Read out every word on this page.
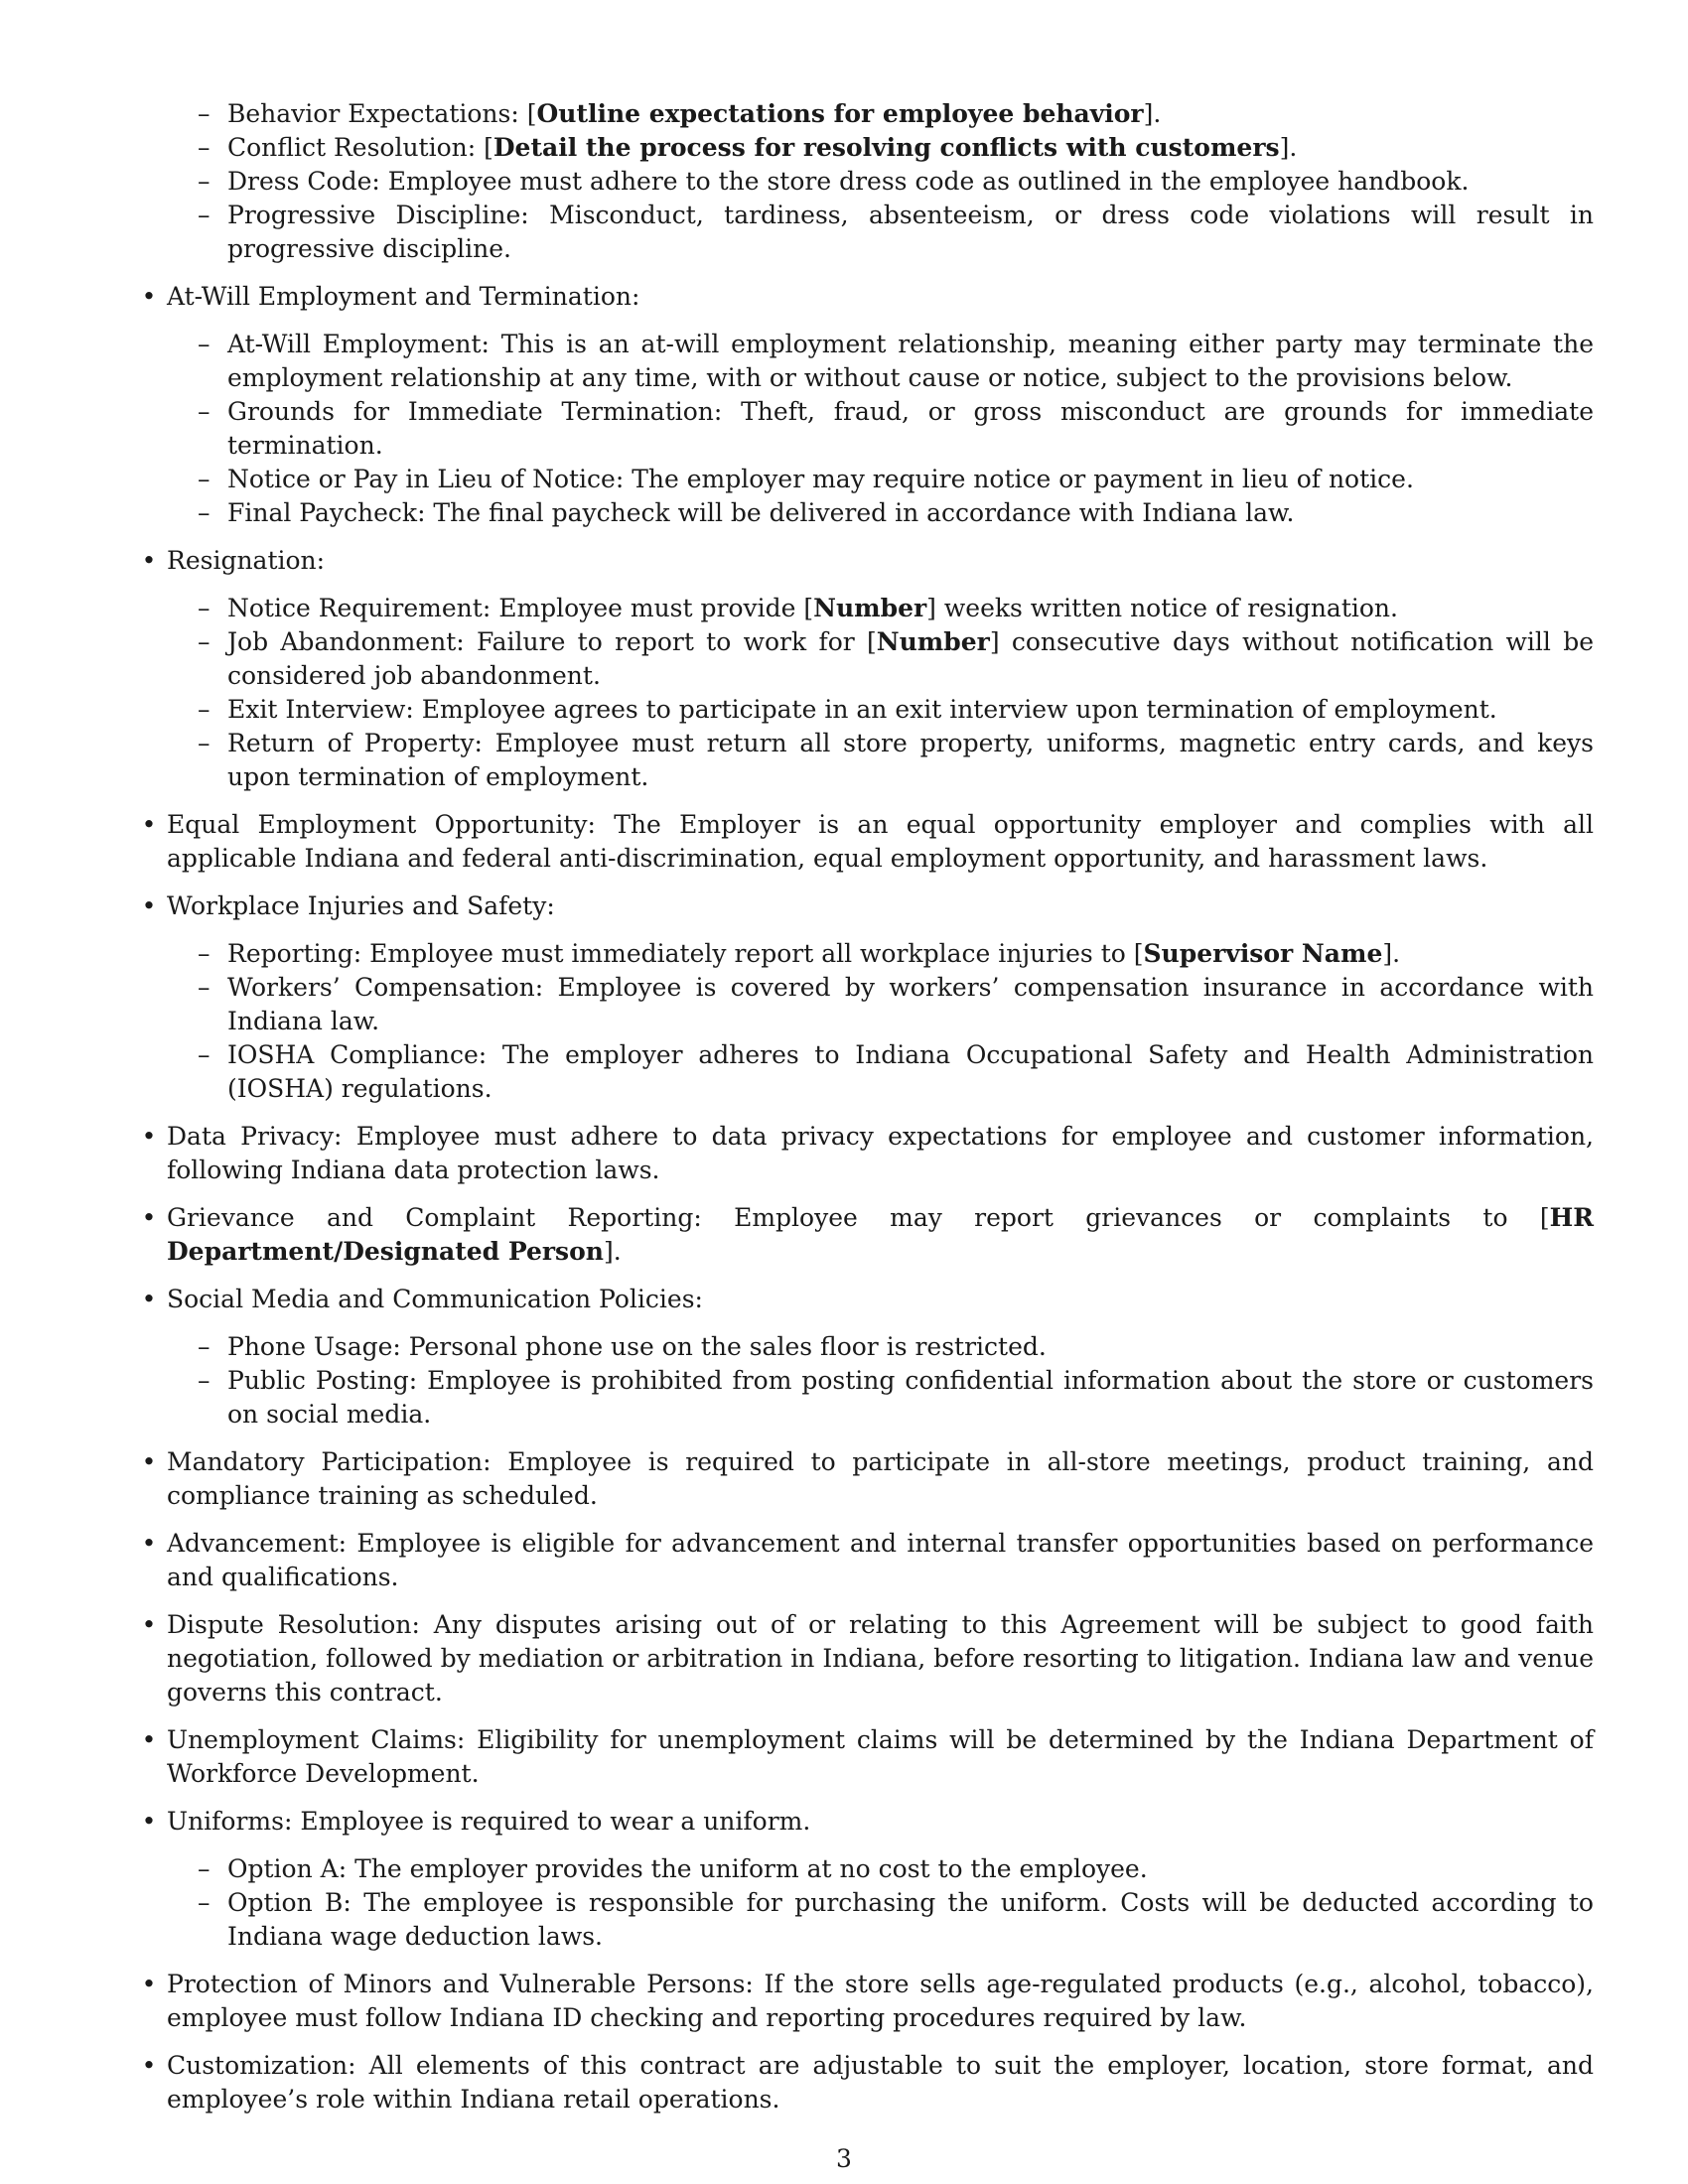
–
Behavior Expectations: [Outline expectations for employee behavior].
–
Conflict Resolution: [Detail the process for resolving conflicts with customers].
–
Dress Code: Employee must adhere to the store dress code as outlined in the employee handbook.
–
Progressive Discipline: Misconduct, tardiness, absenteeism, or dress code violations will result in progressive discipline.
•
At-Will Employment and Termination:
–
At-Will Employment: This is an at-will employment relationship, meaning either party may terminate the employment relationship at any time, with or without cause or notice, subject to the provisions below.
–
Grounds for Immediate Termination: Theft, fraud, or gross misconduct are grounds for immediate termination.
–
Notice or Pay in Lieu of Notice: The employer may require notice or payment in lieu of notice.
–
Final Paycheck: The final paycheck will be delivered in accordance with Indiana law.
•
Resignation:
–
Notice Requirement: Employee must provide [Number] weeks written notice of resignation.
–
Job Abandonment: Failure to report to work for [Number] consecutive days without notification will be considered job abandonment.
–
Exit Interview: Employee agrees to participate in an exit interview upon termination of employment.
–
Return of Property: Employee must return all store property, uniforms, magnetic entry cards, and keys upon termination of employment.
•
Equal Employment Opportunity: The Employer is an equal opportunity employer and complies with all applicable Indiana and federal anti-discrimination, equal employment opportunity, and harassment laws.
•
Workplace Injuries and Safety:
–
Reporting: Employee must immediately report all workplace injuries to [Supervisor Name].
–
Workers’ Compensation: Employee is covered by workers’ compensation insurance in accordance with Indiana law.
–
IOSHA Compliance: The employer adheres to Indiana Occupational Safety and Health Administration (IOSHA) regulations.
•
Data Privacy: Employee must adhere to data privacy expectations for employee and customer information, following Indiana data protection laws.
•
Grievance and Complaint Reporting: Employee may report grievances or complaints to [HR Department/Designated Person].
•
Social Media and Communication Policies:
–
Phone Usage: Personal phone use on the sales floor is restricted.
–
Public Posting: Employee is prohibited from posting confidential information about the store or customers on social media.
•
Mandatory Participation: Employee is required to participate in all-store meetings, product training, and compliance training as scheduled.
•
Advancement: Employee is eligible for advancement and internal transfer opportunities based on performance and qualifications.
•
Dispute Resolution: Any disputes arising out of or relating to this Agreement will be subject to good faith negotiation, followed by mediation or arbitration in Indiana, before resorting to litigation. Indiana law and venue governs this contract.
•
Unemployment Claims: Eligibility for unemployment claims will be determined by the Indiana Department of Workforce Development.
•
Uniforms: Employee is required to wear a uniform.
–
Option A: The employer provides the uniform at no cost to the employee.
–
Option B: The employee is responsible for purchasing the uniform. Costs will be deducted according to Indiana wage deduction laws.
•
Protection of Minors and Vulnerable Persons: If the store sells age-regulated products (e.g., alcohol, tobacco), employee must follow Indiana ID checking and reporting procedures required by law.
•
Customization: All elements of this contract are adjustable to suit the employer, location, store format, and employee’s role within Indiana retail operations.
3
